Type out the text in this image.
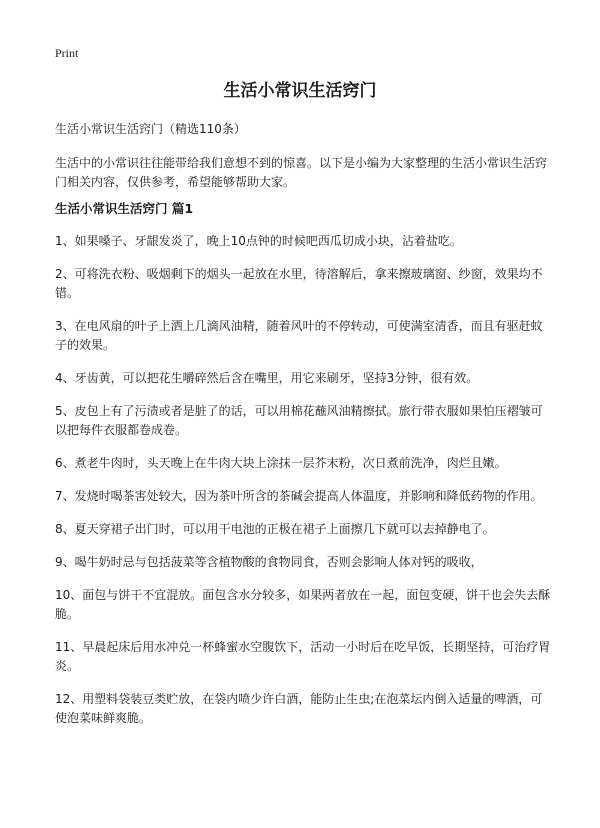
Print
生活小常识生活窍门

生活小常识生活窍门（精选110条）

生活中的小常识往往能带给我们意想不到的惊喜。以下是小编为大家整理的生活小常识生活窍门相关内容，仅供参考，希望能够帮助大家。

生活小常识生活窍门 篇1
1、如果嗓子、牙龈发炎了，晚上10点钟的时候吧西瓜切成小块，沾着盐吃。
2、可将洗衣粉、吸烟剩下的烟头一起放在水里，待溶解后，拿来擦玻璃窗、纱窗，效果均不错。
3、在电风扇的叶子上洒上几滴风油精，随着风叶的不停转动，可使满室清香，而且有驱赶蚊子的效果。
4、牙齿黄，可以把花生嚼碎然后含在嘴里，用它来刷牙，坚持3分钟，很有效。
5、皮包上有了污渍或者是脏了的话，可以用棉花蘸风油精擦拭。旅行带衣服如果怕压褶皱可以把每件衣服都卷成卷。
6、煮老牛肉时，头天晚上在牛肉大块上涂抹一层芥末粉，次日煮前洗净，肉烂且嫩。
7、发烧时喝茶害处较大，因为茶叶所含的茶碱会提高人体温度，并影响和降低药物的作用。
8、夏天穿裙子出门时，可以用干电池的正极在裙子上面擦几下就可以去掉静电了。
9、喝牛奶时忌与包括菠菜等含植物酸的食物同食，否则会影响人体对钙的吸收，
10、面包与饼干不宜混放。面包含水分较多，如果两者放在一起，面包变硬，饼干也会失去酥脆。
11、早晨起床后用水冲兑一杯蜂蜜水空腹饮下，活动一小时后在吃早饭，长期坚持，可治疗胃炎。
12、用塑料袋装豆类贮放，在袋内喷少许白酒，能防止生虫;在泡菜坛内倒入适量的啤酒，可使泡菜味鲜爽脆。
